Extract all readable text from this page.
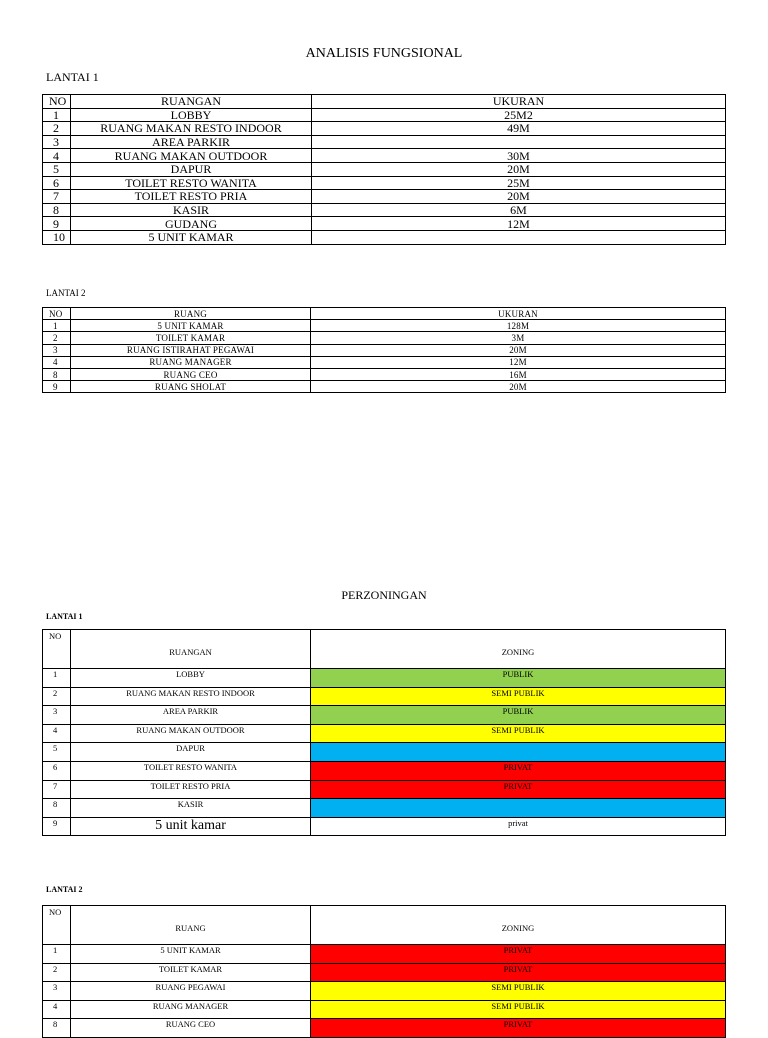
ANALISIS FUNGSIONAL
LANTAI 1
NO	RUANGAN	UKURAN
1	LOBBY	25M2
2	RUANG MAKAN RESTO INDOOR	49M
3	AREA PARKIR	
4	RUANG MAKAN OUTDOOR	30M
5	DAPUR	20M
6	TOILET RESTO WANITA	25M
7	TOILET RESTO PRIA	20M
8	KASIR	6M
9	GUDANG	12M
10	5 UNIT KAMAR	
LANTAI 2
NO	RUANG	UKURAN
1	5 UNIT KAMAR	128M
2	TOILET KAMAR	3M
3	RUANG ISTIRAHAT PEGAWAI	20M
4	RUANG MANAGER	12M
8	RUANG CEO	16M
9	RUANG SHOLAT	20M
PERZONINGAN
LANTAI 1
NO	RUANGAN	ZONING
1	LOBBY	PUBLIK
2	RUANG MAKAN RESTO INDOOR	SEMI PUBLIK
3	AREA PARKIR	PUBLIK
4	RUANG MAKAN OUTDOOR	SEMI PUBLIK
5	DAPUR	
6	TOILET RESTO WANITA	PRIVAT
7	TOILET RESTO PRIA	PRIVAT
8	KASIR	
9	5 unit kamar	privat
LANTAI 2
NO	RUANG	ZONING
1	5 UNIT KAMAR	PRIVAT
2	TOILET KAMAR	PRIVAT
3	RUANG PEGAWAI	SEMI PUBLIK
4	RUANG MANAGER	SEMI PUBLIK
8	RUANG CEO	PRIVAT
